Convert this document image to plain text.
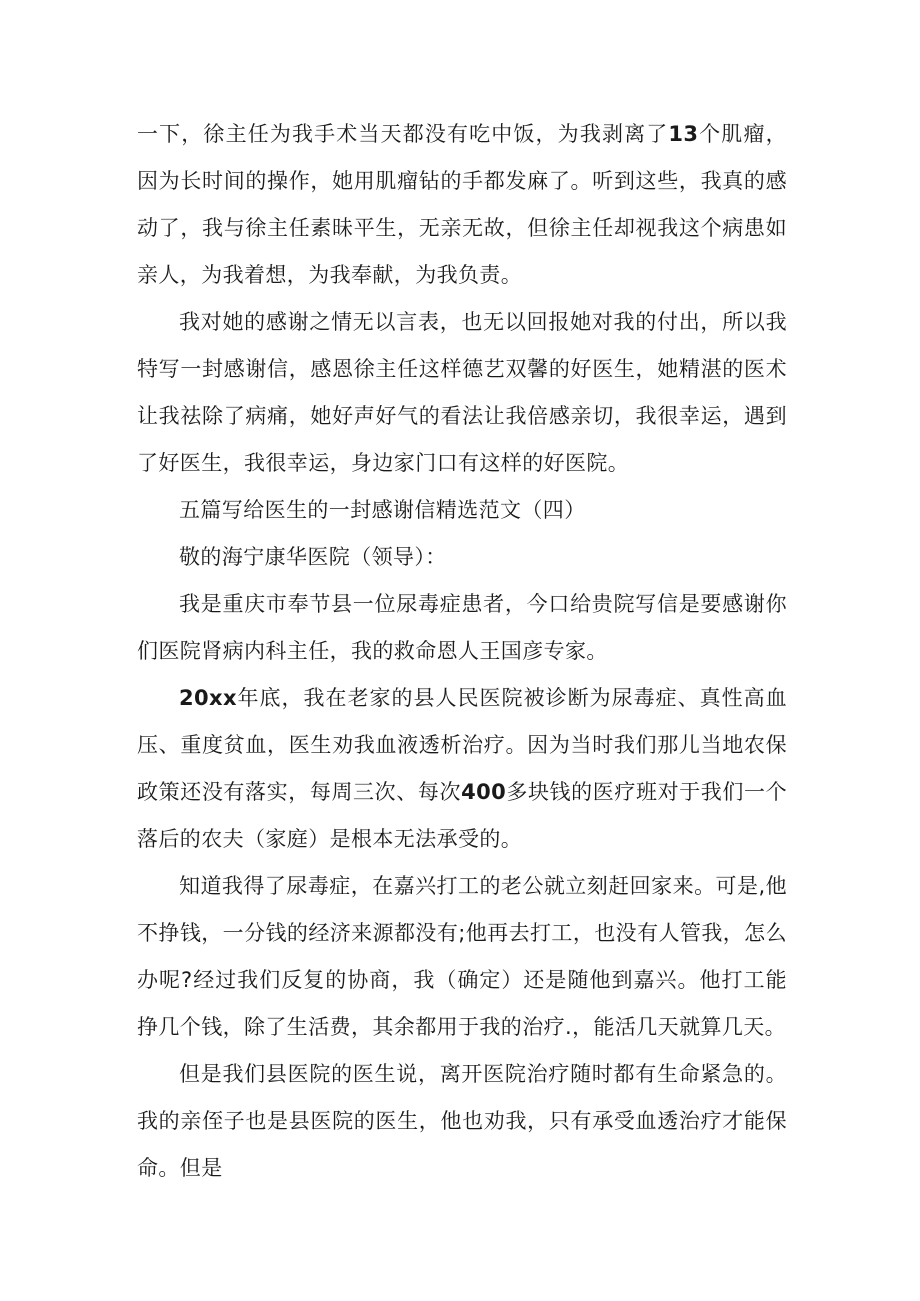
一下，徐主任为我手术当天都没有吃中饭，为我剥离了13个肌瘤，因为长时间的操作，她用肌瘤钻的手都发麻了。听到这些，我真的感动了，我与徐主任素昧平生，无亲无故，但徐主任却视我这个病患如亲人，为我着想，为我奉献，为我负责。

我对她的感谢之情无以言表，也无以回报她对我的付出，所以我特写一封感谢信，感恩徐主任这样德艺双馨的好医生，她精湛的医术让我祛除了病痛，她好声好气的看法让我倍感亲切，我很幸运，遇到了好医生，我很幸运，身边家门口有这样的好医院。

五篇写给医生的一封感谢信精选范文（四）

敬的海宁康华医院（领导）：

我是重庆市奉节县一位尿毒症患者，今口给贵院写信是要感谢你们医院肾病内科主任，我的救命恩人王国彦专家。

20xx年底，我在老家的县人民医院被诊断为尿毒症、真性高血压、重度贫血，医生劝我血液透析治疗。因为当时我们那儿当地农保政策还没有落实，每周三次、每次400多块钱的医疗班对于我们一个落后的农夫（家庭）是根本无法承受的。

知道我得了尿毒症，在嘉兴打工的老公就立刻赶回家来。可是,他不挣钱，一分钱的经济来源都没有;他再去打工，也没有人管我，怎么办呢?经过我们反复的协商，我（确定）还是随他到嘉兴。他打工能挣几个钱，除了生活费，其余都用于我的治疗.，能活几天就算几天。

但是我们县医院的医生说，离开医院治疗随时都有生命紧急的。我的亲侄子也是县医院的医生，他也劝我，只有承受血透治疗才能保命。但是
